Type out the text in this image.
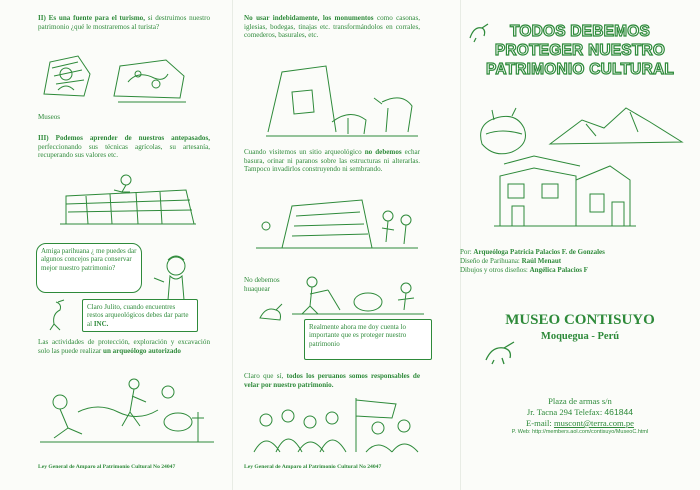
II) Es una fuente para el turismo, si destruimos nuestro patrimonio ¿qué le mostraremos al turista?

Museos

III) Podemos aprender de nuestros antepasados, perfeccionando sus técnicas agrícolas, su artesanía, recuperando sus valores etc.

Amiga parihuana ¿ me puedes dar algunos concejos para conservar mejor nuestro patrimonio?
Claro Julito, cuando encuentres restos arqueológicos debes dar parte al INC.

Las actividades de protección, exploración y excavación solo las puede realizar un arqueólogo autorizado

Ley General de Amparo al Patrimonio Cultural No 24047

No usar indebidamente, los monumentos como casonas, iglesias, bodegas, tinajas etc. transformándolos en corrales, comederos, basurales, etc.

Cuando visitemos un sitio arqueológico no debemos echar basura, orinar ni paranos sobre las estructuras ni alterarlas. Tampoco invadirlos construyendo ni sembrando.

No debemos huaquear
Realmente ahora me doy cuenta lo importante que es proteger nuestro patrimonio

Claro que sí, todos los peruanos somos responsables de velar por nuestro patrimonio.

Ley General de Amparo al Patrimonio Cultural No 24047
TODOS DEBEMOS
PROTEGER NUESTRO
PATRIMONIO CULTURAL
Por: Arqueóloga Patricia Palacios F. de Gonzales
Diseño de Parihuana: Raúl Menaut
Dibujos y otros diseños: Angélica Palacios F
MUSEO CONTISUYO
Moquegua - Perú
Plaza de armas s/n
Jr. Tacna 294 Telefax: 461844
E-mail: muscont@terra.com.pe
P. Web: http://members.aol.com/contisuyo/MuseoC.html
